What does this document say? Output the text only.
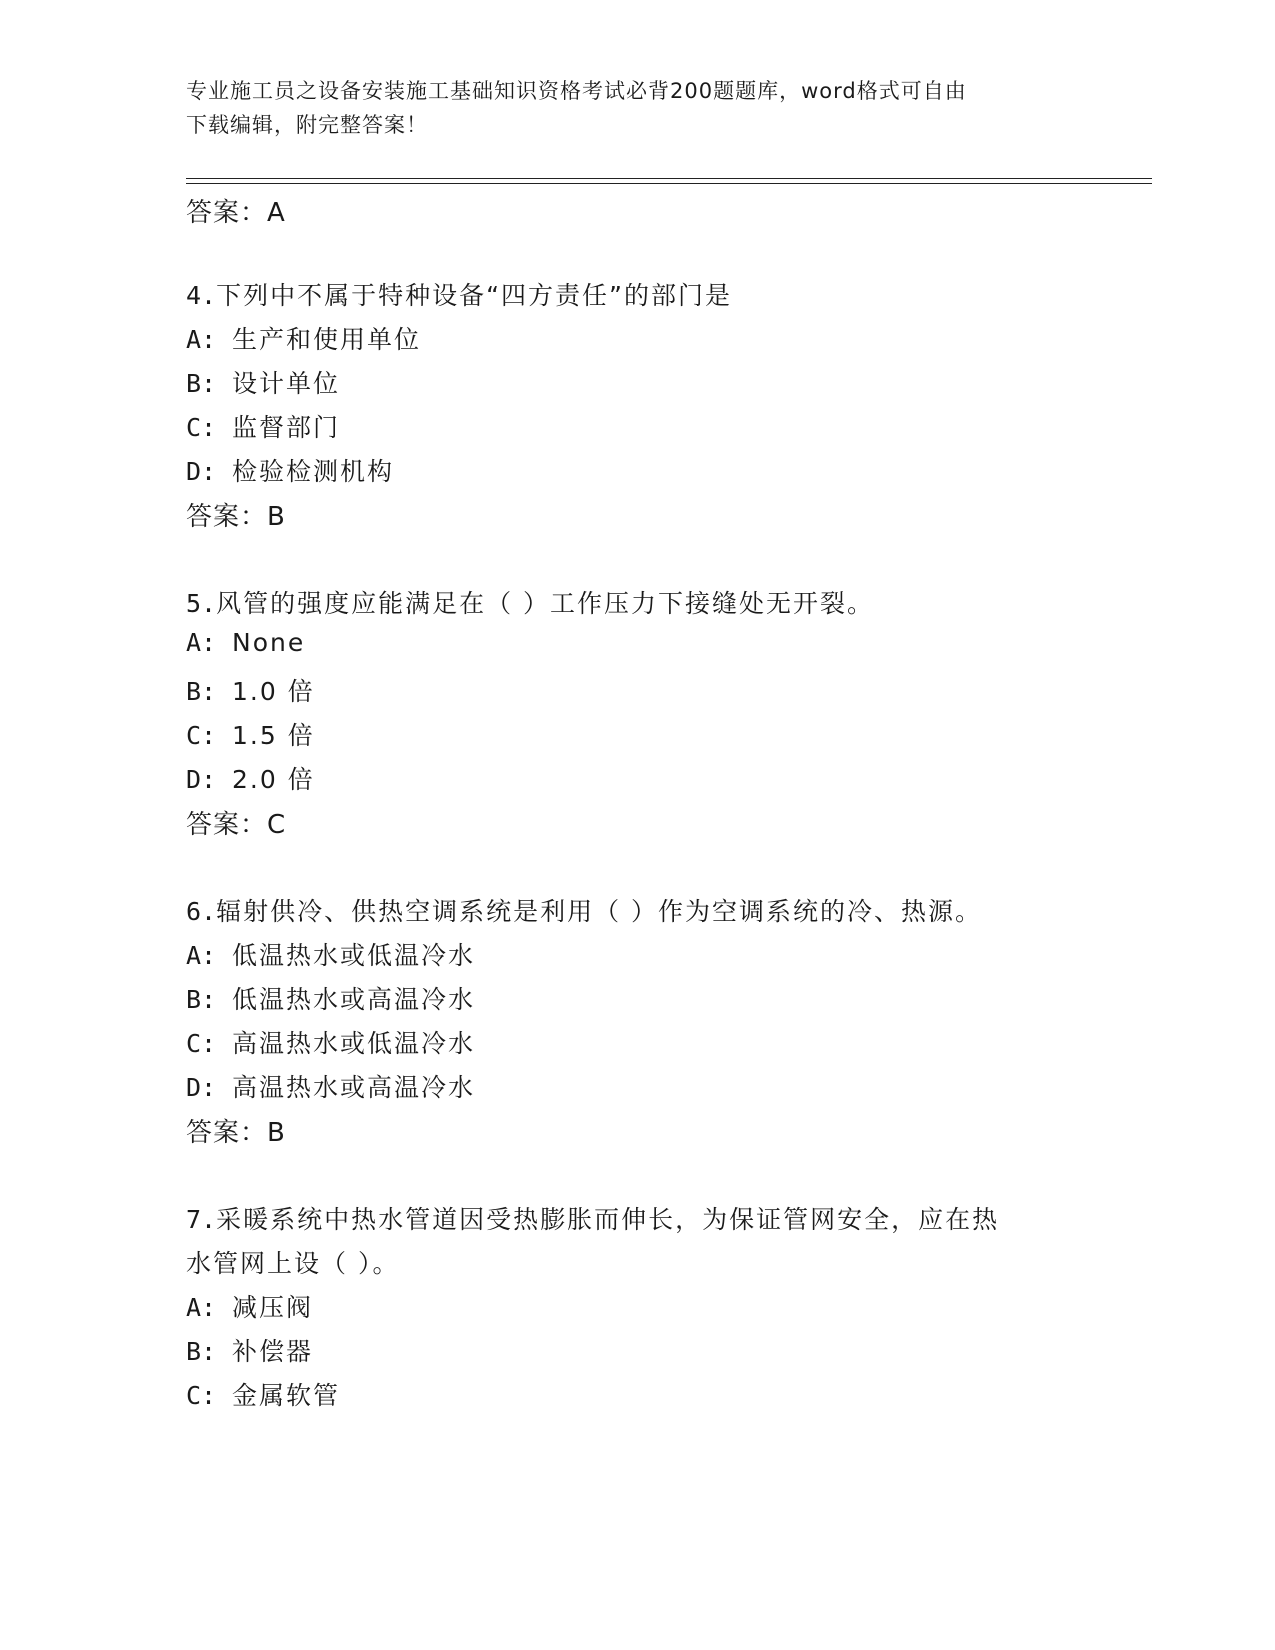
专业施工员之设备安装施工基础知识资格考试必背200题题库，word格式可自由
下载编辑，附完整答案！
答案：A
4.下列中不属于特种设备“四方责任”的部门是
A: 生产和使用单位
B: 设计单位
C: 监督部门
D: 检验检测机构
答案：B
5.风管的强度应能满足在（ ）工作压力下接缝处无开裂。
A: None
B: 1.0 倍
C: 1.5 倍
D: 2.0 倍
答案：C
6.辐射供冷、供热空调系统是利用（ ）作为空调系统的冷、热源。
A: 低温热水或低温冷水
B: 低温热水或高温冷水
C: 高温热水或低温冷水
D: 高温热水或高温冷水
答案：B
7.采暖系统中热水管道因受热膨胀而伸长，为保证管网安全，应在热
水管网上设（ ）。
A: 减压阀
B: 补偿器
C: 金属软管
